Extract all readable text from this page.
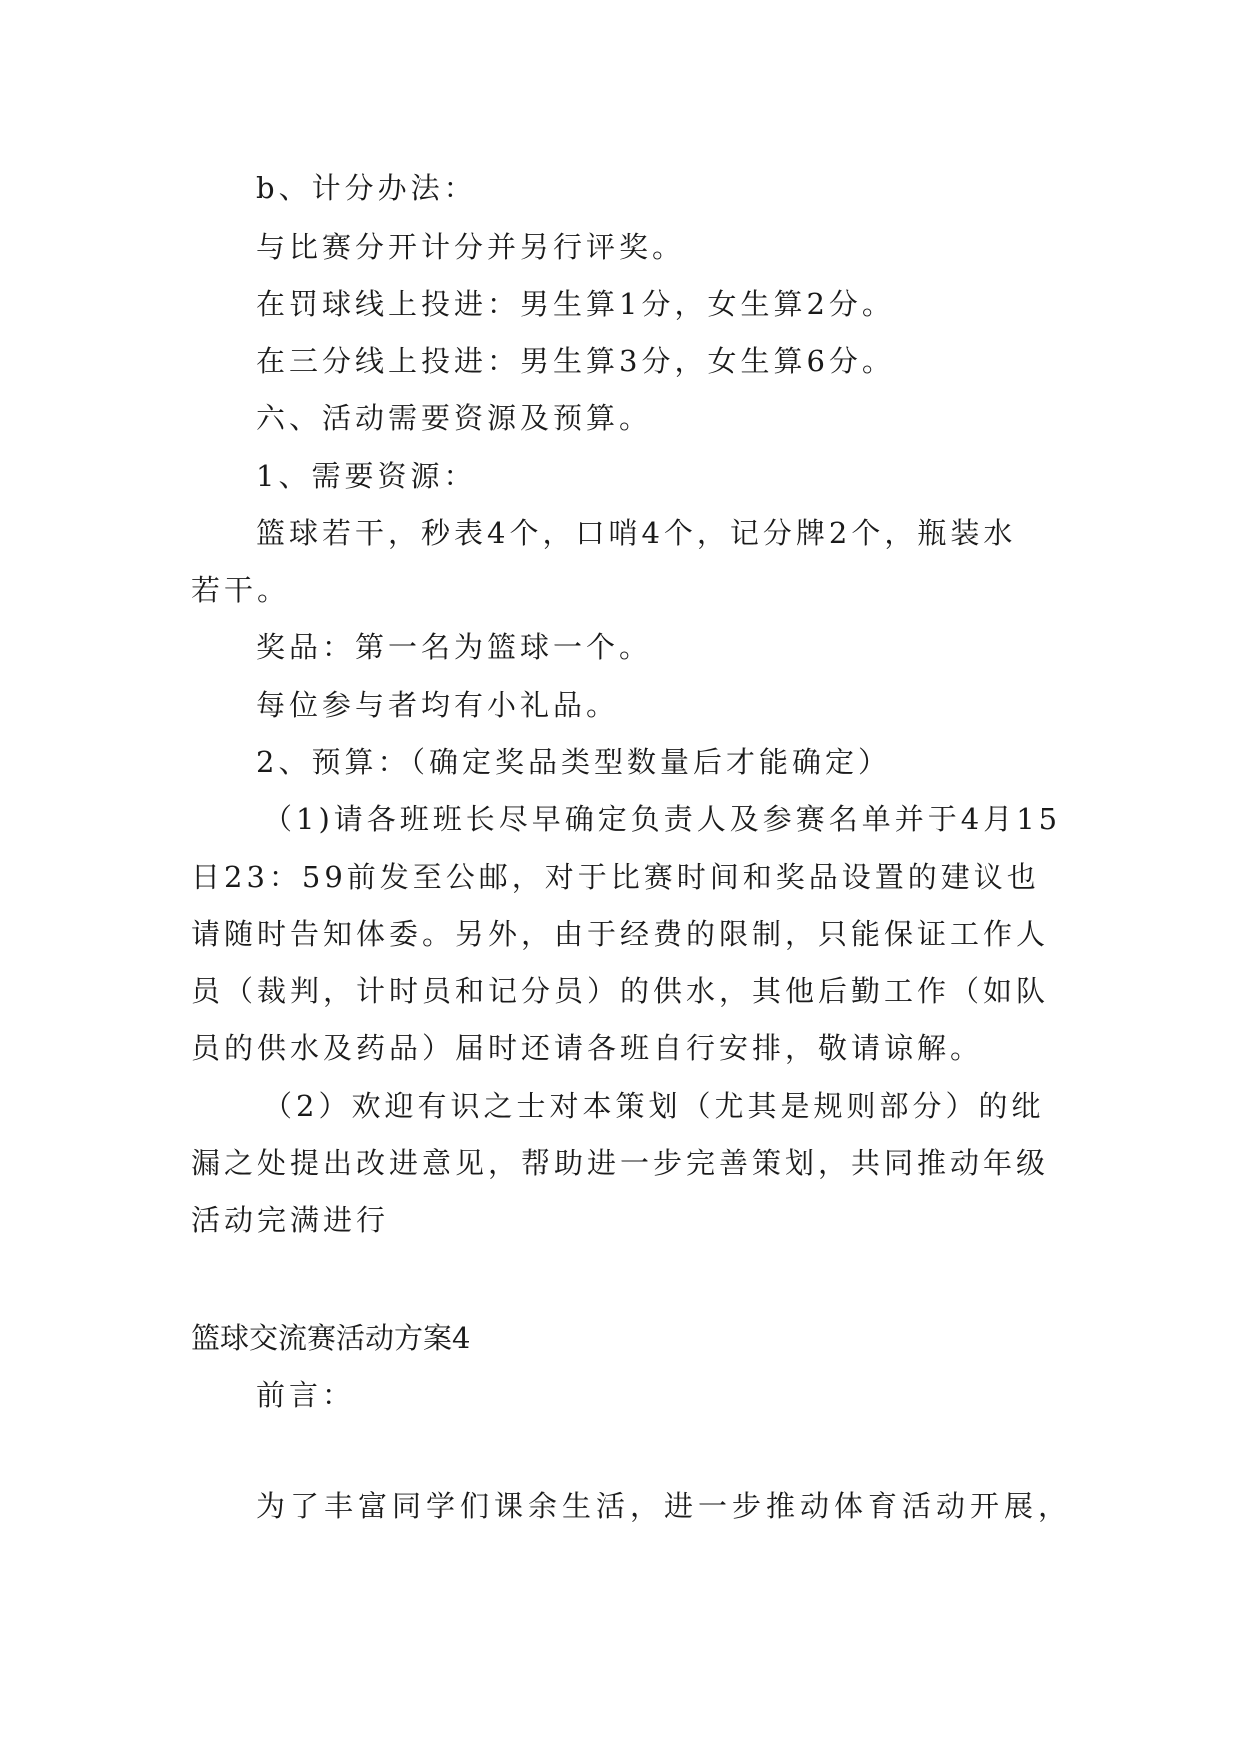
b、计分办法：
与比赛分开计分并另行评奖。
在罚球线上投进：男生算1分，女生算2分。
在三分线上投进：男生算3分，女生算6分。
六、活动需要资源及预算。
1、需要资源：
篮球若干，秒表4个，口哨4个，记分牌2个，瓶装水
若干。
奖品：第一名为篮球一个。
每位参与者均有小礼品。
2、预算：（确定奖品类型数量后才能确定）
（1)请各班班长尽早确定负责人及参赛名单并于4月15
日23：59前发至公邮，对于比赛时间和奖品设置的建议也
请随时告知体委。另外，由于经费的限制，只能保证工作人
员（裁判，计时员和记分员）的供水，其他后勤工作（如队
员的供水及药品）届时还请各班自行安排，敬请谅解。
（2）欢迎有识之士对本策划（尤其是规则部分）的纰
漏之处提出改进意见，帮助进一步完善策划，共同推动年级
活动完满进行
篮球交流赛活动方案4
前言：
为了丰富同学们课余生活，进一步推动体育活动开展，
